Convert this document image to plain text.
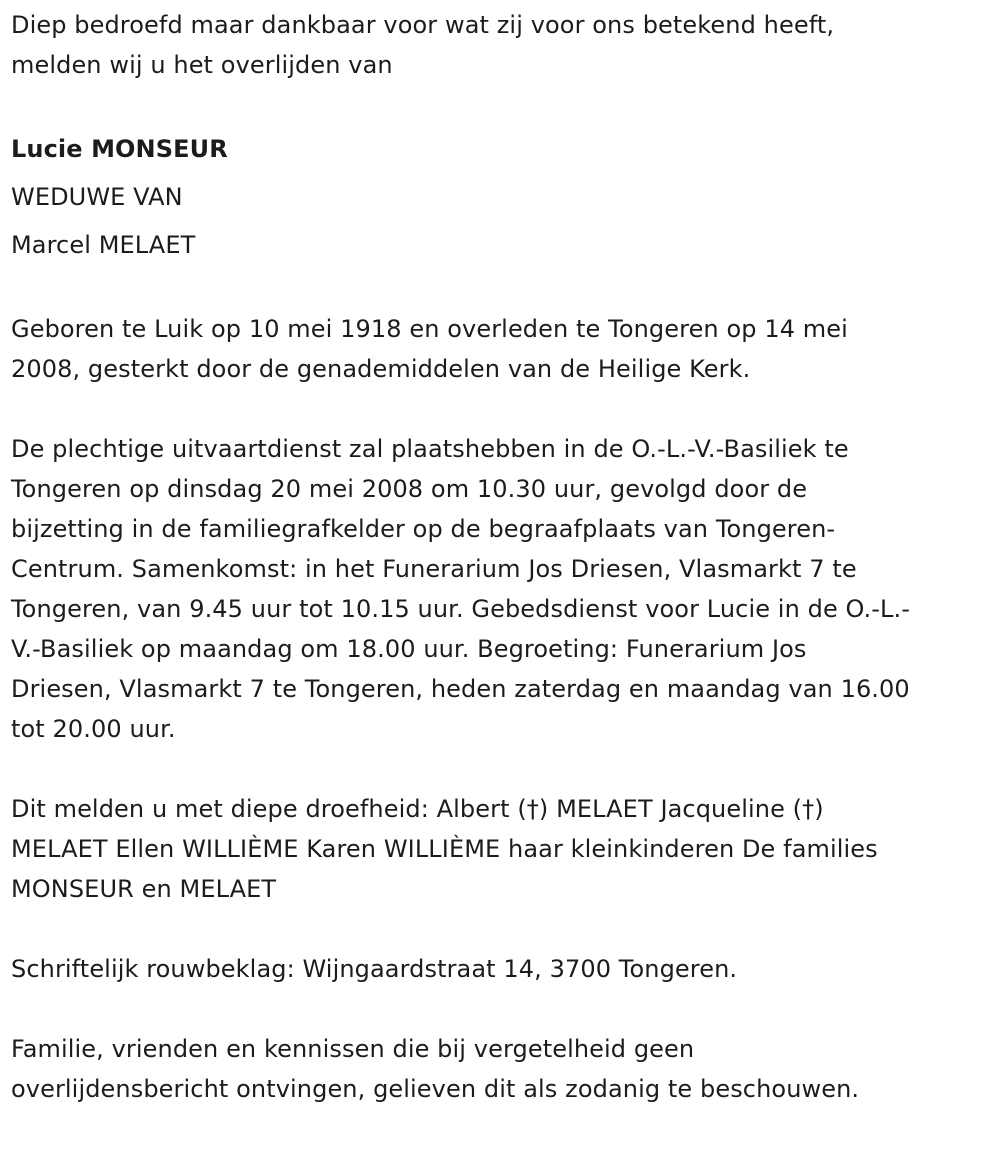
Diep bedroefd maar dankbaar voor wat zij voor ons betekend heeft,
melden wij u het overlijden van
Lucie MONSEUR
WEDUWE VAN
Marcel MELAET
Geboren te Luik op 10 mei 1918 en overleden te Tongeren op 14 mei
2008, gesterkt door de genademiddelen van de Heilige Kerk.
De plechtige uitvaartdienst zal plaatshebben in de O.-L.-V.-Basiliek te
Tongeren op dinsdag 20 mei 2008 om 10.30 uur, gevolgd door de
bijzetting in de familiegrafkelder op de begraafplaats van Tongeren-
Centrum. Samenkomst: in het Funerarium Jos Driesen, Vlasmarkt 7 te
Tongeren, van 9.45 uur tot 10.15 uur. Gebedsdienst voor Lucie in de O.-L.-
V.-Basiliek op maandag om 18.00 uur. Begroeting: Funerarium Jos
Driesen, Vlasmarkt 7 te Tongeren, heden zaterdag en maandag van 16.00
tot 20.00 uur.
Dit melden u met diepe droefheid: Albert (†) MELAET Jacqueline (†)
MELAET Ellen WILLIÈME Karen WILLIÈME haar kleinkinderen De families
MONSEUR en MELAET
Schriftelijk rouwbeklag: Wijngaardstraat 14, 3700 Tongeren.
Familie, vrienden en kennissen die bij vergetelheid geen
overlijdensbericht ontvingen, gelieven dit als zodanig te beschouwen.
